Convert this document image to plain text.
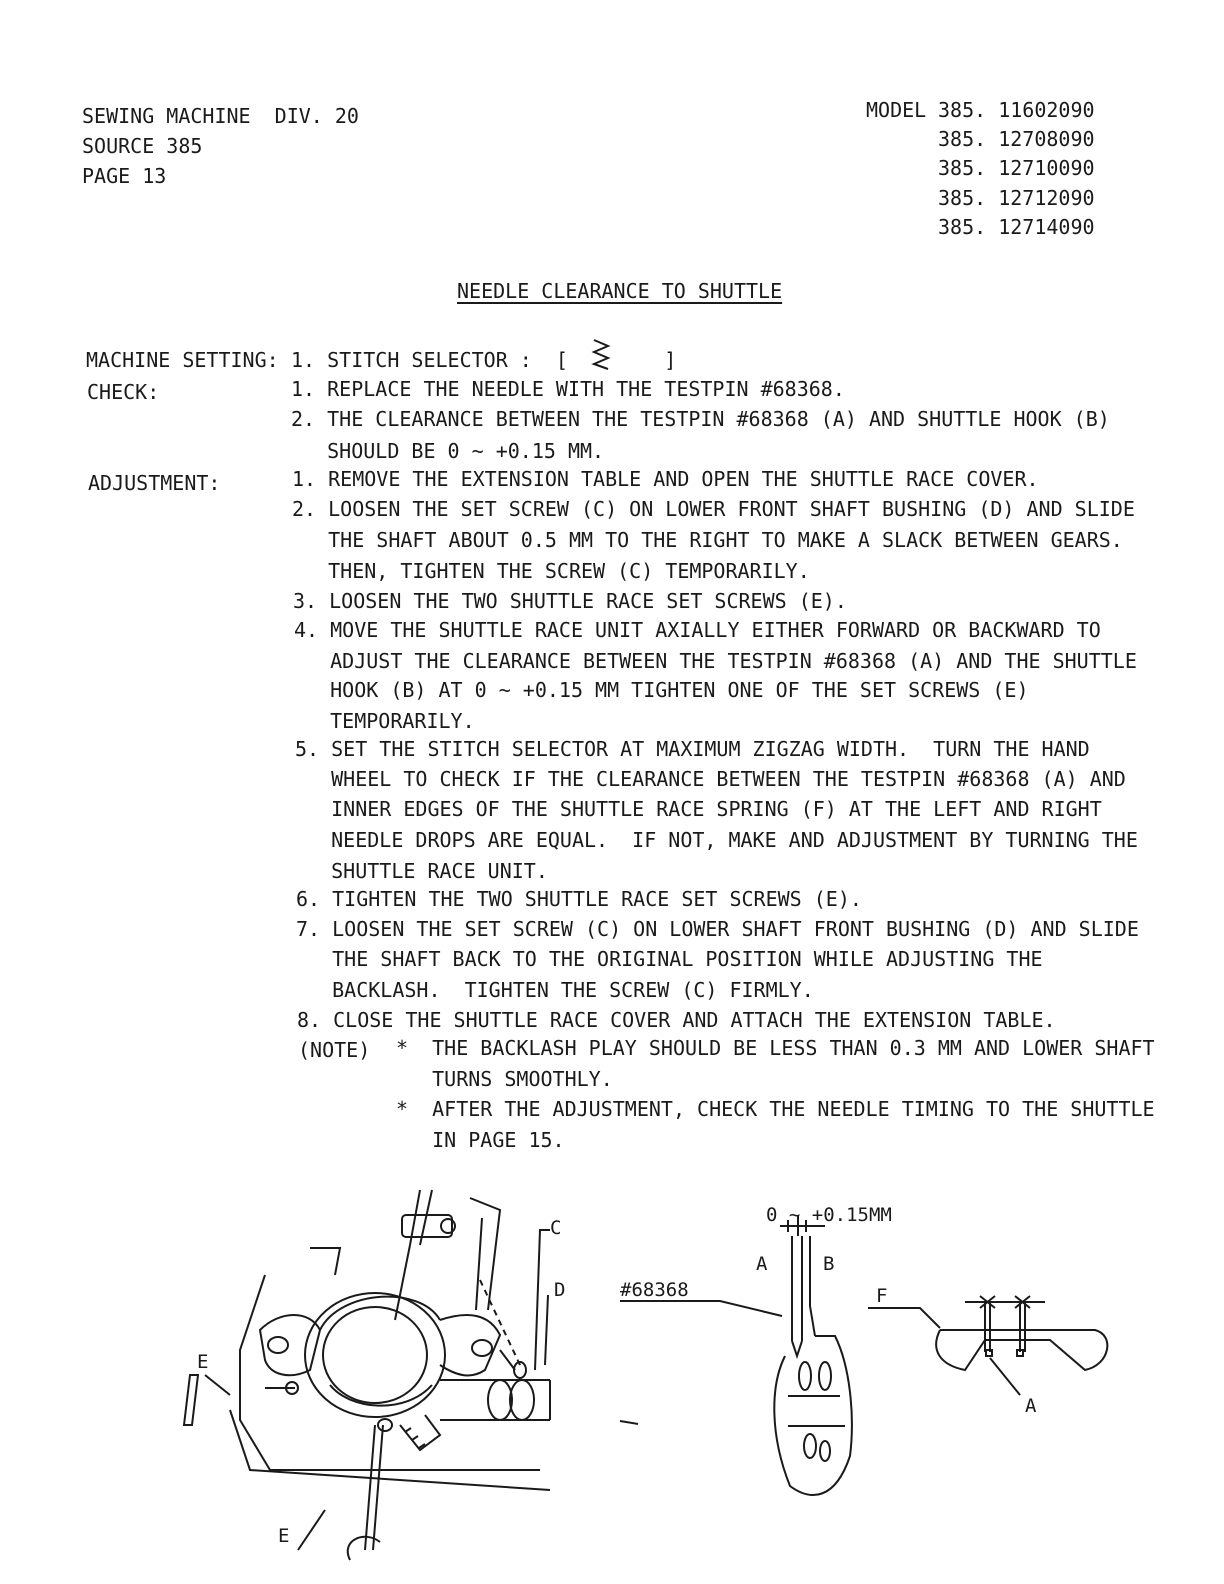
SEWING MACHINE  DIV. 20
SOURCE 385
PAGE 13
MODEL 385. 11602090
385. 12708090
385. 12710090
385. 12712090
385. 12714090
NEEDLE CLEARANCE TO SHUTTLE
MACHINE SETTING: 1. STITCH SELECTOR :  [        ]
CHECK:	1. REPLACE THE NEEDLE WITH THE TESTPIN #68368.
2. THE CLEARANCE BETWEEN THE TESTPIN #68368 (A) AND SHUTTLE HOOK (B)
SHOULD BE 0 ~ +0.15 MM.
ADJUSTMENT:	1. REMOVE THE EXTENSION TABLE AND OPEN THE SHUTTLE RACE COVER.
2. LOOSEN THE SET SCREW (C) ON LOWER FRONT SHAFT BUSHING (D) AND SLIDE
THE SHAFT ABOUT 0.5 MM TO THE RIGHT TO MAKE A SLACK BETWEEN GEARS.
THEN, TIGHTEN THE SCREW (C) TEMPORARILY.
3. LOOSEN THE TWO SHUTTLE RACE SET SCREWS (E).
4. MOVE THE SHUTTLE RACE UNIT AXIALLY EITHER FORWARD OR BACKWARD TO
ADJUST THE CLEARANCE BETWEEN THE TESTPIN #68368 (A) AND THE SHUTTLE
HOOK (B) AT 0 ~ +0.15 MM TIGHTEN ONE OF THE SET SCREWS (E)
TEMPORARILY.
5. SET THE STITCH SELECTOR AT MAXIMUM ZIGZAG WIDTH.  TURN THE HAND
WHEEL TO CHECK IF THE CLEARANCE BETWEEN THE TESTPIN #68368 (A) AND
INNER EDGES OF THE SHUTTLE RACE SPRING (F) AT THE LEFT AND RIGHT
NEEDLE DROPS ARE EQUAL.  IF NOT, MAKE AND ADJUSTMENT BY TURNING THE
SHUTTLE RACE UNIT.
6. TIGHTEN THE TWO SHUTTLE RACE SET SCREWS (E).
7. LOOSEN THE SET SCREW (C) ON LOWER SHAFT FRONT BUSHING (D) AND SLIDE
THE SHAFT BACK TO THE ORIGINAL POSITION WHILE ADJUSTING THE
BACKLASH.  TIGHTEN THE SCREW (C) FIRMLY.
8. CLOSE THE SHUTTLE RACE COVER AND ATTACH THE EXTENSION TABLE.
(NOTE) *  THE BACKLASH PLAY SHOULD BE LESS THAN 0.3 MM AND LOWER SHAFT
TURNS SMOOTHLY.
*  AFTER THE ADJUSTMENT, CHECK THE NEEDLE TIMING TO THE SHUTTLE
IN PAGE 15.
C
D
E
E
0 ~ +0.15MM
A	B
#68368	F
A
